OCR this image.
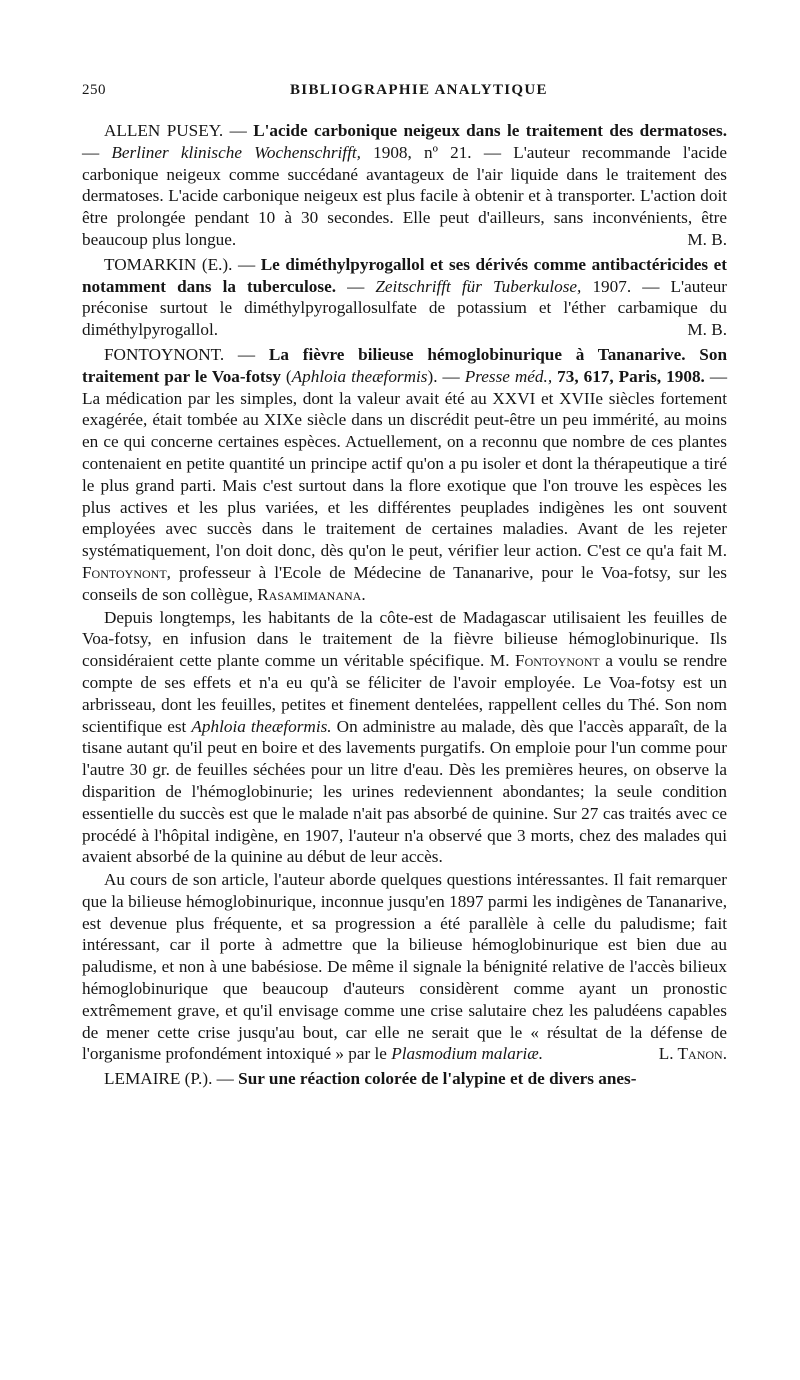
250	BIBLIOGRAPHIE ANALYTIQUE

ALLEN PUSEY. — L'acide carbonique neigeux dans le traitement des dermatoses. — Berliner klinische Wochenschrifft, 1908, nº 21. — L'auteur recommande l'acide carbonique neigeux comme succédané avantageux de l'air liquide dans le traitement des dermatoses. L'acide carbonique neigeux est plus facile à obtenir et à transporter. L'action doit être prolongée pendant 10 à 30 secondes. Elle peut d'ailleurs, sans inconvénients, être beaucoup plus longue.	M. B.

TOMARKIN (E.). — Le diméthylpyrogallol et ses dérivés comme antibactéricides et notamment dans la tuberculose. — Zeitschrifft für Tuberkulose, 1907. — L'auteur préconise surtout le diméthylpyrogallosulfate de potassium et l'éther carbamique du diméthylpyrogallol.	M. B.

FONTOYNONT. — La fièvre bilieuse hémoglobinurique à Tananarive. Son traitement par le Voa-fotsy (Aphloia theæformis). — Presse méd., 73, 617, Paris, 1908. — La médication par les simples, dont la valeur avait été au XXVI et XVIIe siècles fortement exagérée, était tombée au XIXe siècle dans un discrédit peut-être un peu immérité, au moins en ce qui concerne certaines espèces. Actuellement, on a reconnu que nombre de ces plantes contenaient en petite quantité un principe actif qu'on a pu isoler et dont la thérapeutique a tiré le plus grand parti. Mais c'est surtout dans la flore exotique que l'on trouve les espèces les plus actives et les plus variées, et les différentes peuplades indigènes les ont souvent employées avec succès dans le traitement de certaines maladies. Avant de les rejeter systématiquement, l'on doit donc, dès qu'on le peut, vérifier leur action. C'est ce qu'a fait M. Fontoynont, professeur à l'Ecole de Médecine de Tananarive, pour le Voa-fotsy, sur les conseils de son collègue, Rasamimanana.

Depuis longtemps, les habitants de la côte-est de Madagascar utilisaient les feuilles de Voa-fotsy, en infusion dans le traitement de la fièvre bilieuse hémoglobinurique. Ils considéraient cette plante comme un véritable spécifique. M. Fontoynont a voulu se rendre compte de ses effets et n'a eu qu'à se féliciter de l'avoir employée. Le Voa-fotsy est un arbrisseau, dont les feuilles, petites et finement dentelées, rappellent celles du Thé. Son nom scientifique est Aphloia theæformis. On administre au malade, dès que l'accès apparaît, de la tisane autant qu'il peut en boire et des lavements purgatifs. On emploie pour l'un comme pour l'autre 30 gr. de feuilles séchées pour un litre d'eau. Dès les premières heures, on observe la disparition de l'hémoglobinurie; les urines redeviennent abondantes; la seule condition essentielle du succès est que le malade n'ait pas absorbé de quinine. Sur 27 cas traités avec ce procédé à l'hôpital indigène, en 1907, l'auteur n'a observé que 3 morts, chez des malades qui avaient absorbé de la quinine au début de leur accès.

Au cours de son article, l'auteur aborde quelques questions intéressantes. Il fait remarquer que la bilieuse hémoglobinurique, inconnue jusqu'en 1897 parmi les indigènes de Tananarive, est devenue plus fréquente, et sa progression a été parallèle à celle du paludisme; fait intéressant, car il porte à admettre que la bilieuse hémoglobinurique est bien due au paludisme, et non à une babésiose. De même il signale la bénignité relative de l'accès bilieux hémoglobinurique que beaucoup d'auteurs considèrent comme ayant un pronostic extrêmement grave, et qu'il envisage comme une crise salutaire chez les paludéens capables de mener cette crise jusqu'au bout, car elle ne serait que le « résultat de la défense de l'organisme profondément intoxiqué » par le Plasmodium malariæ.	L. Tanon.

LEMAIRE (P.). — Sur une réaction colorée de l'alypine et de divers anes-
